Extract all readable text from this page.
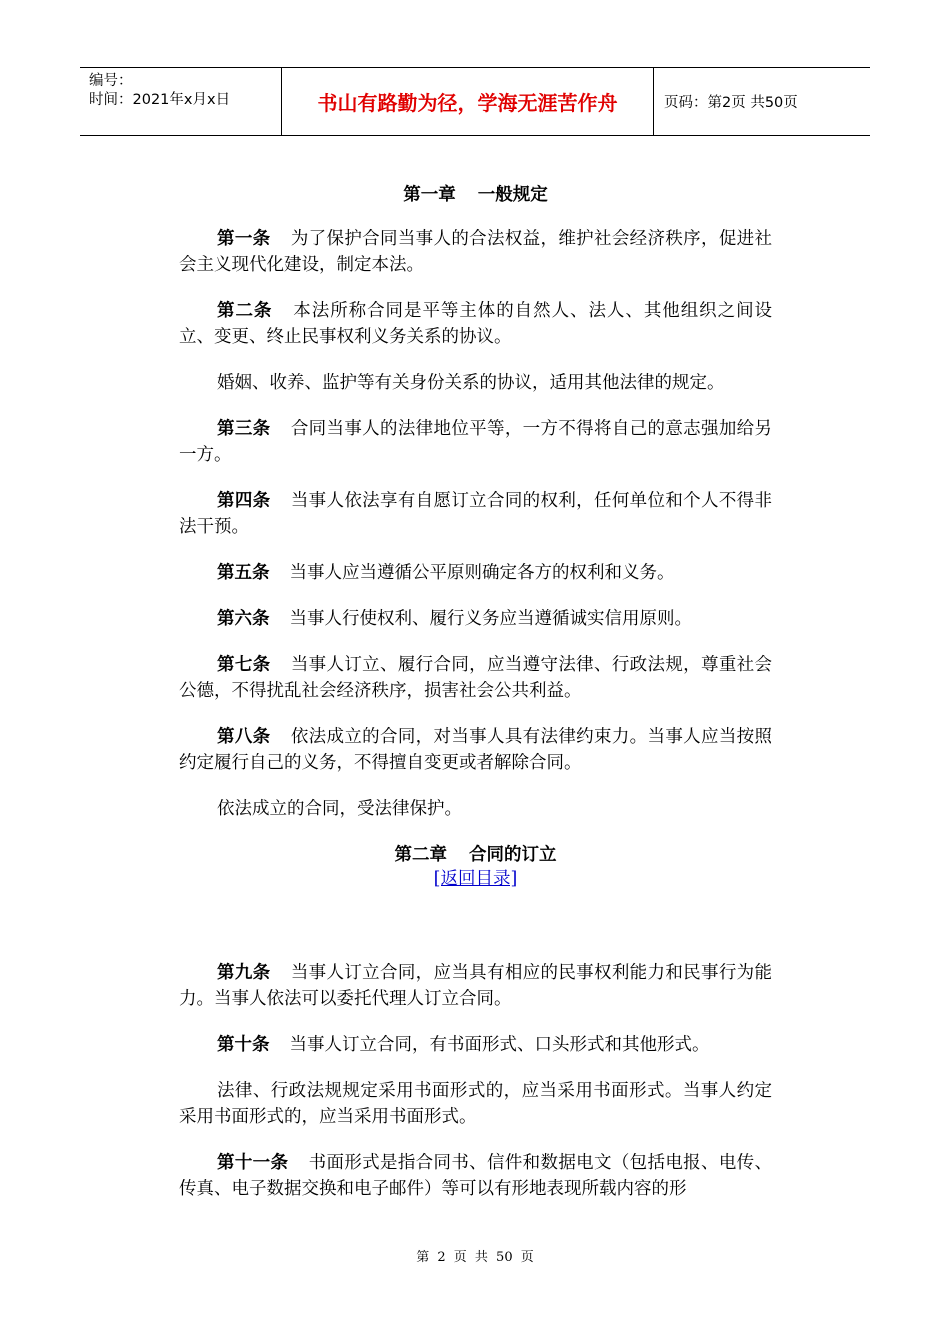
编号：
时间：2021年x月x日	书山有路勤为径，学海无涯苦作舟	页码：第2页 共50页
第一章 一般规定
第一条 为了保护合同当事人的合法权益，维护社会经济秩序，促进社会主义现代化建设，制定本法。
第二条 本法所称合同是平等主体的自然人、法人、其他组织之间设立、变更、终止民事权利义务关系的协议。
婚姻、收养、监护等有关身份关系的协议，适用其他法律的规定。
第三条 合同当事人的法律地位平等，一方不得将自己的意志强加给另一方。
第四条 当事人依法享有自愿订立合同的权利，任何单位和个人不得非法干预。
第五条 当事人应当遵循公平原则确定各方的权利和义务。
第六条 当事人行使权利、履行义务应当遵循诚实信用原则。
第七条 当事人订立、履行合同，应当遵守法律、行政法规，尊重社会公德，不得扰乱社会经济秩序，损害社会公共利益。
第八条 依法成立的合同，对当事人具有法律约束力。当事人应当按照约定履行自己的义务，不得擅自变更或者解除合同。
依法成立的合同，受法律保护。
第二章 合同的订立
[返回目录]
第九条 当事人订立合同，应当具有相应的民事权利能力和民事行为能力。当事人依法可以委托代理人订立合同。
第十条 当事人订立合同，有书面形式、口头形式和其他形式。
法律、行政法规规定采用书面形式的，应当采用书面形式。当事人约定采用书面形式的，应当采用书面形式。
第十一条 书面形式是指合同书、信件和数据电文（包括电报、电传、传真、电子数据交换和电子邮件）等可以有形地表现所载内容的形
第 2 页 共 50 页
